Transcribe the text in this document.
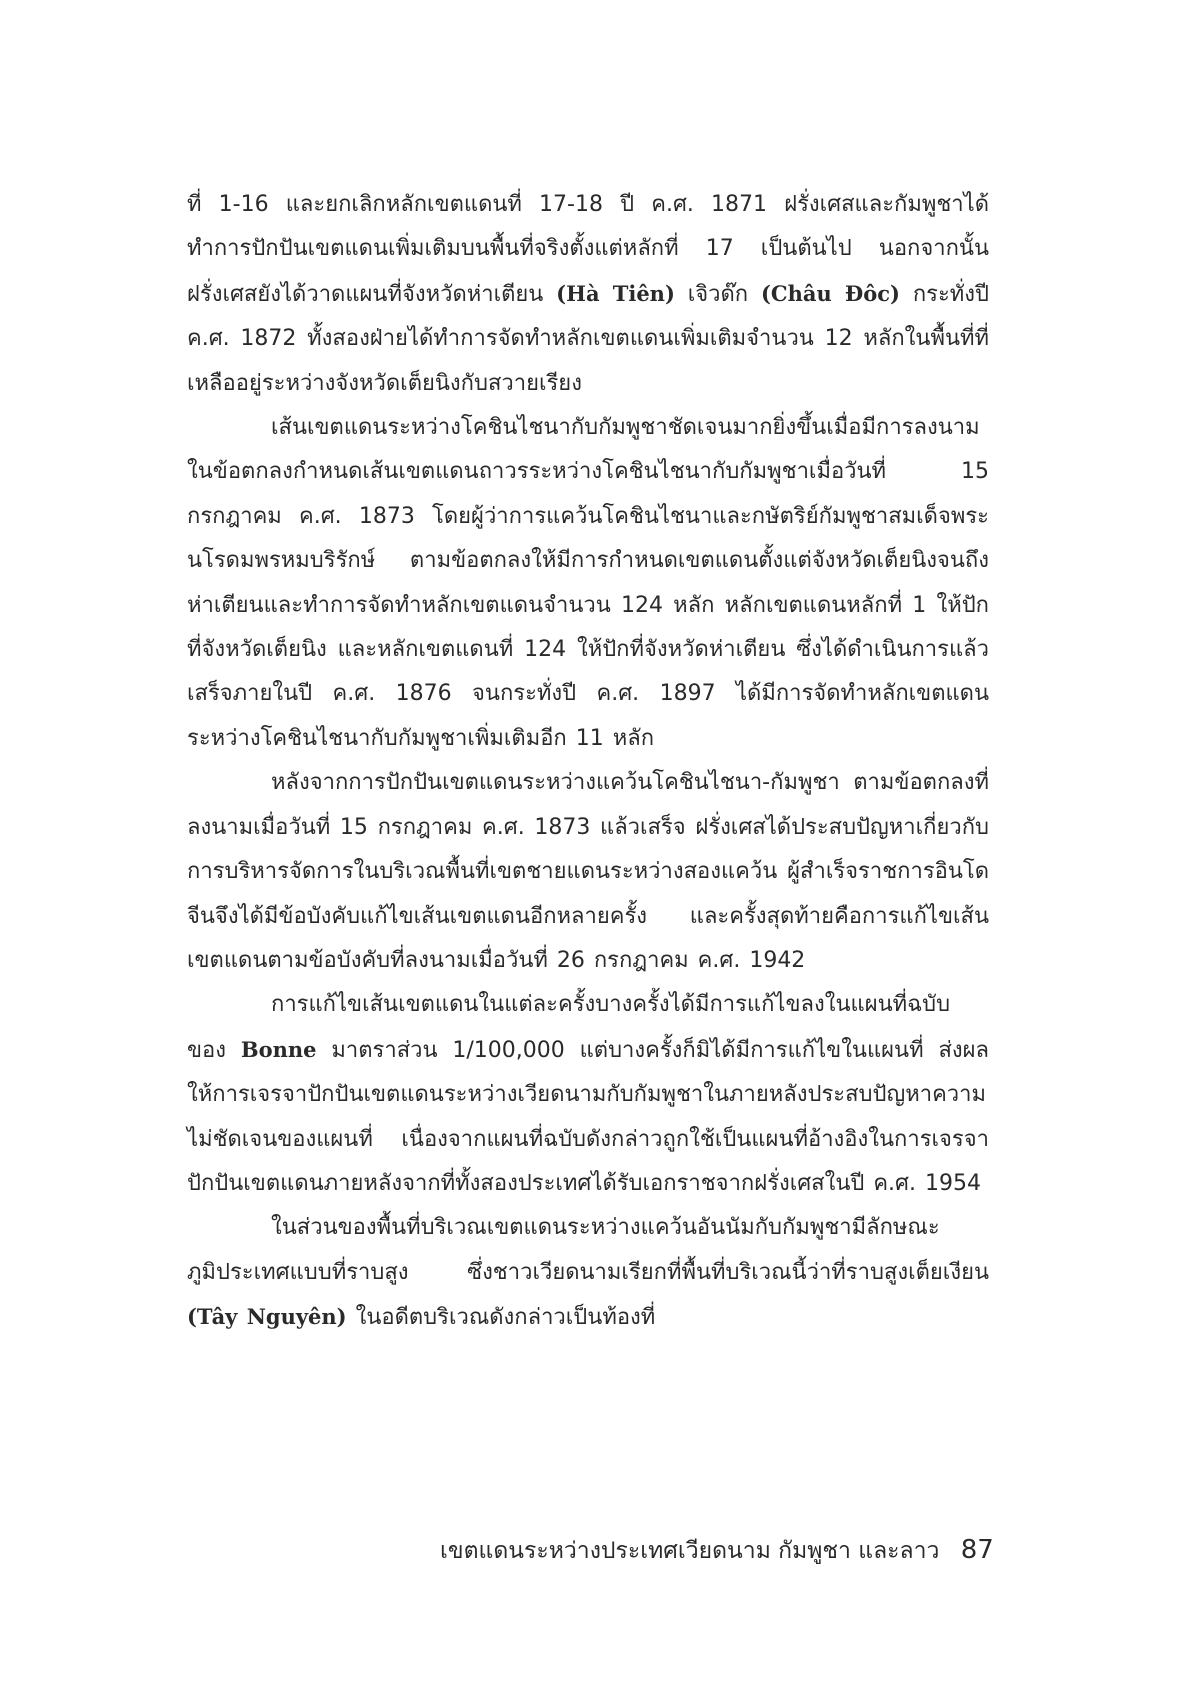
ที่ 1-16 และยกเลิกหลักเขตแดนที่ 17-18 ปี ค.ศ. 1871 ฝรั่งเศสและกัมพูชาได้ทำการปักปันเขตแดนเพิ่มเติมบนพื้นที่จริงตั้งแต่หลักที่ 17 เป็นต้นไป นอกจากนั้น ฝรั่งเศสยังได้วาดแผนที่จังหวัดห่าเตียน (Hà Tiên) เจิวด๊ก (Châu Đôc) กระทั่งปี ค.ศ. 1872 ทั้งสองฝ่ายได้ทำการจัดทำหลักเขตแดนเพิ่มเติมจำนวน 12 หลักในพื้นที่ที่เหลืออยู่ระหว่างจังหวัดเต็ยนิงกับสวายเรียง

เส้นเขตแดนระหว่างโคชินไชนากับกัมพูชาชัดเจนมากยิ่งขึ้นเมื่อมีการลงนามในข้อตกลงกำหนดเส้นเขตแดนถาวรระหว่างโคชินไชนากับกัมพูชาเมื่อวันที่ 15 กรกฎาคม ค.ศ. 1873 โดยผู้ว่าการแคว้นโคชินไชนาและกษัตริย์กัมพูชาสมเด็จพระนโรดมพรหมบริรักษ์ ตามข้อตกลงให้มีการกำหนดเขตแดนตั้งแต่จังหวัดเต็ยนิงจนถึงห่าเตียนและทำการจัดทำหลักเขตแดนจำนวน 124 หลัก หลักเขตแดนหลักที่ 1 ให้ปักที่จังหวัดเต็ยนิง และหลักเขตแดนที่ 124 ให้ปักที่จังหวัดห่าเตียน ซึ่งได้ดำเนินการแล้วเสร็จภายในปี ค.ศ. 1876 จนกระทั่งปี ค.ศ. 1897 ได้มีการจัดทำหลักเขตแดนระหว่างโคชินไชนากับกัมพูชาเพิ่มเติมอีก 11 หลัก

หลังจากการปักปันเขตแดนระหว่างแคว้นโคชินไชนา-กัมพูชา ตามข้อตกลงที่ลงนามเมื่อวันที่ 15 กรกฎาคม ค.ศ. 1873 แล้วเสร็จ ฝรั่งเศสได้ประสบปัญหาเกี่ยวกับการบริหารจัดการในบริเวณพื้นที่เขตชายแดนระหว่างสองแคว้น ผู้สำเร็จราชการอินโดจีนจึงได้มีข้อบังคับแก้ไขเส้นเขตแดนอีกหลายครั้ง และครั้งสุดท้ายคือการแก้ไขเส้นเขตแดนตามข้อบังคับที่ลงนามเมื่อวันที่ 26 กรกฎาคม ค.ศ. 1942

การแก้ไขเส้นเขตแดนในแต่ละครั้งบางครั้งได้มีการแก้ไขลงในแผนที่ฉบับของ Bonne มาตราส่วน 1/100,000 แต่บางครั้งก็มิได้มีการแก้ไขในแผนที่ ส่งผลให้การเจรจาปักปันเขตแดนระหว่างเวียดนามกับกัมพูชาในภายหลังประสบปัญหาความไม่ชัดเจนของแผนที่ เนื่องจากแผนที่ฉบับดังกล่าวถูกใช้เป็นแผนที่อ้างอิงในการเจรจาปักปันเขตแดนภายหลังจากที่ทั้งสองประเทศได้รับเอกราชจากฝรั่งเศสในปี ค.ศ. 1954

ในส่วนของพื้นที่บริเวณเขตแดนระหว่างแคว้นอันนัมกับกัมพูชามีลักษณะภูมิประเทศแบบที่ราบสูง ซึ่งชาวเวียดนามเรียกที่พื้นที่บริเวณนี้ว่าที่ราบสูงเต็ยเงียน (Tây Nguyên) ในอดีตบริเวณดังกล่าวเป็นท้องที่

เขตแดนระหว่างประเทศเวียดนาม กัมพูชา และลาว 87
